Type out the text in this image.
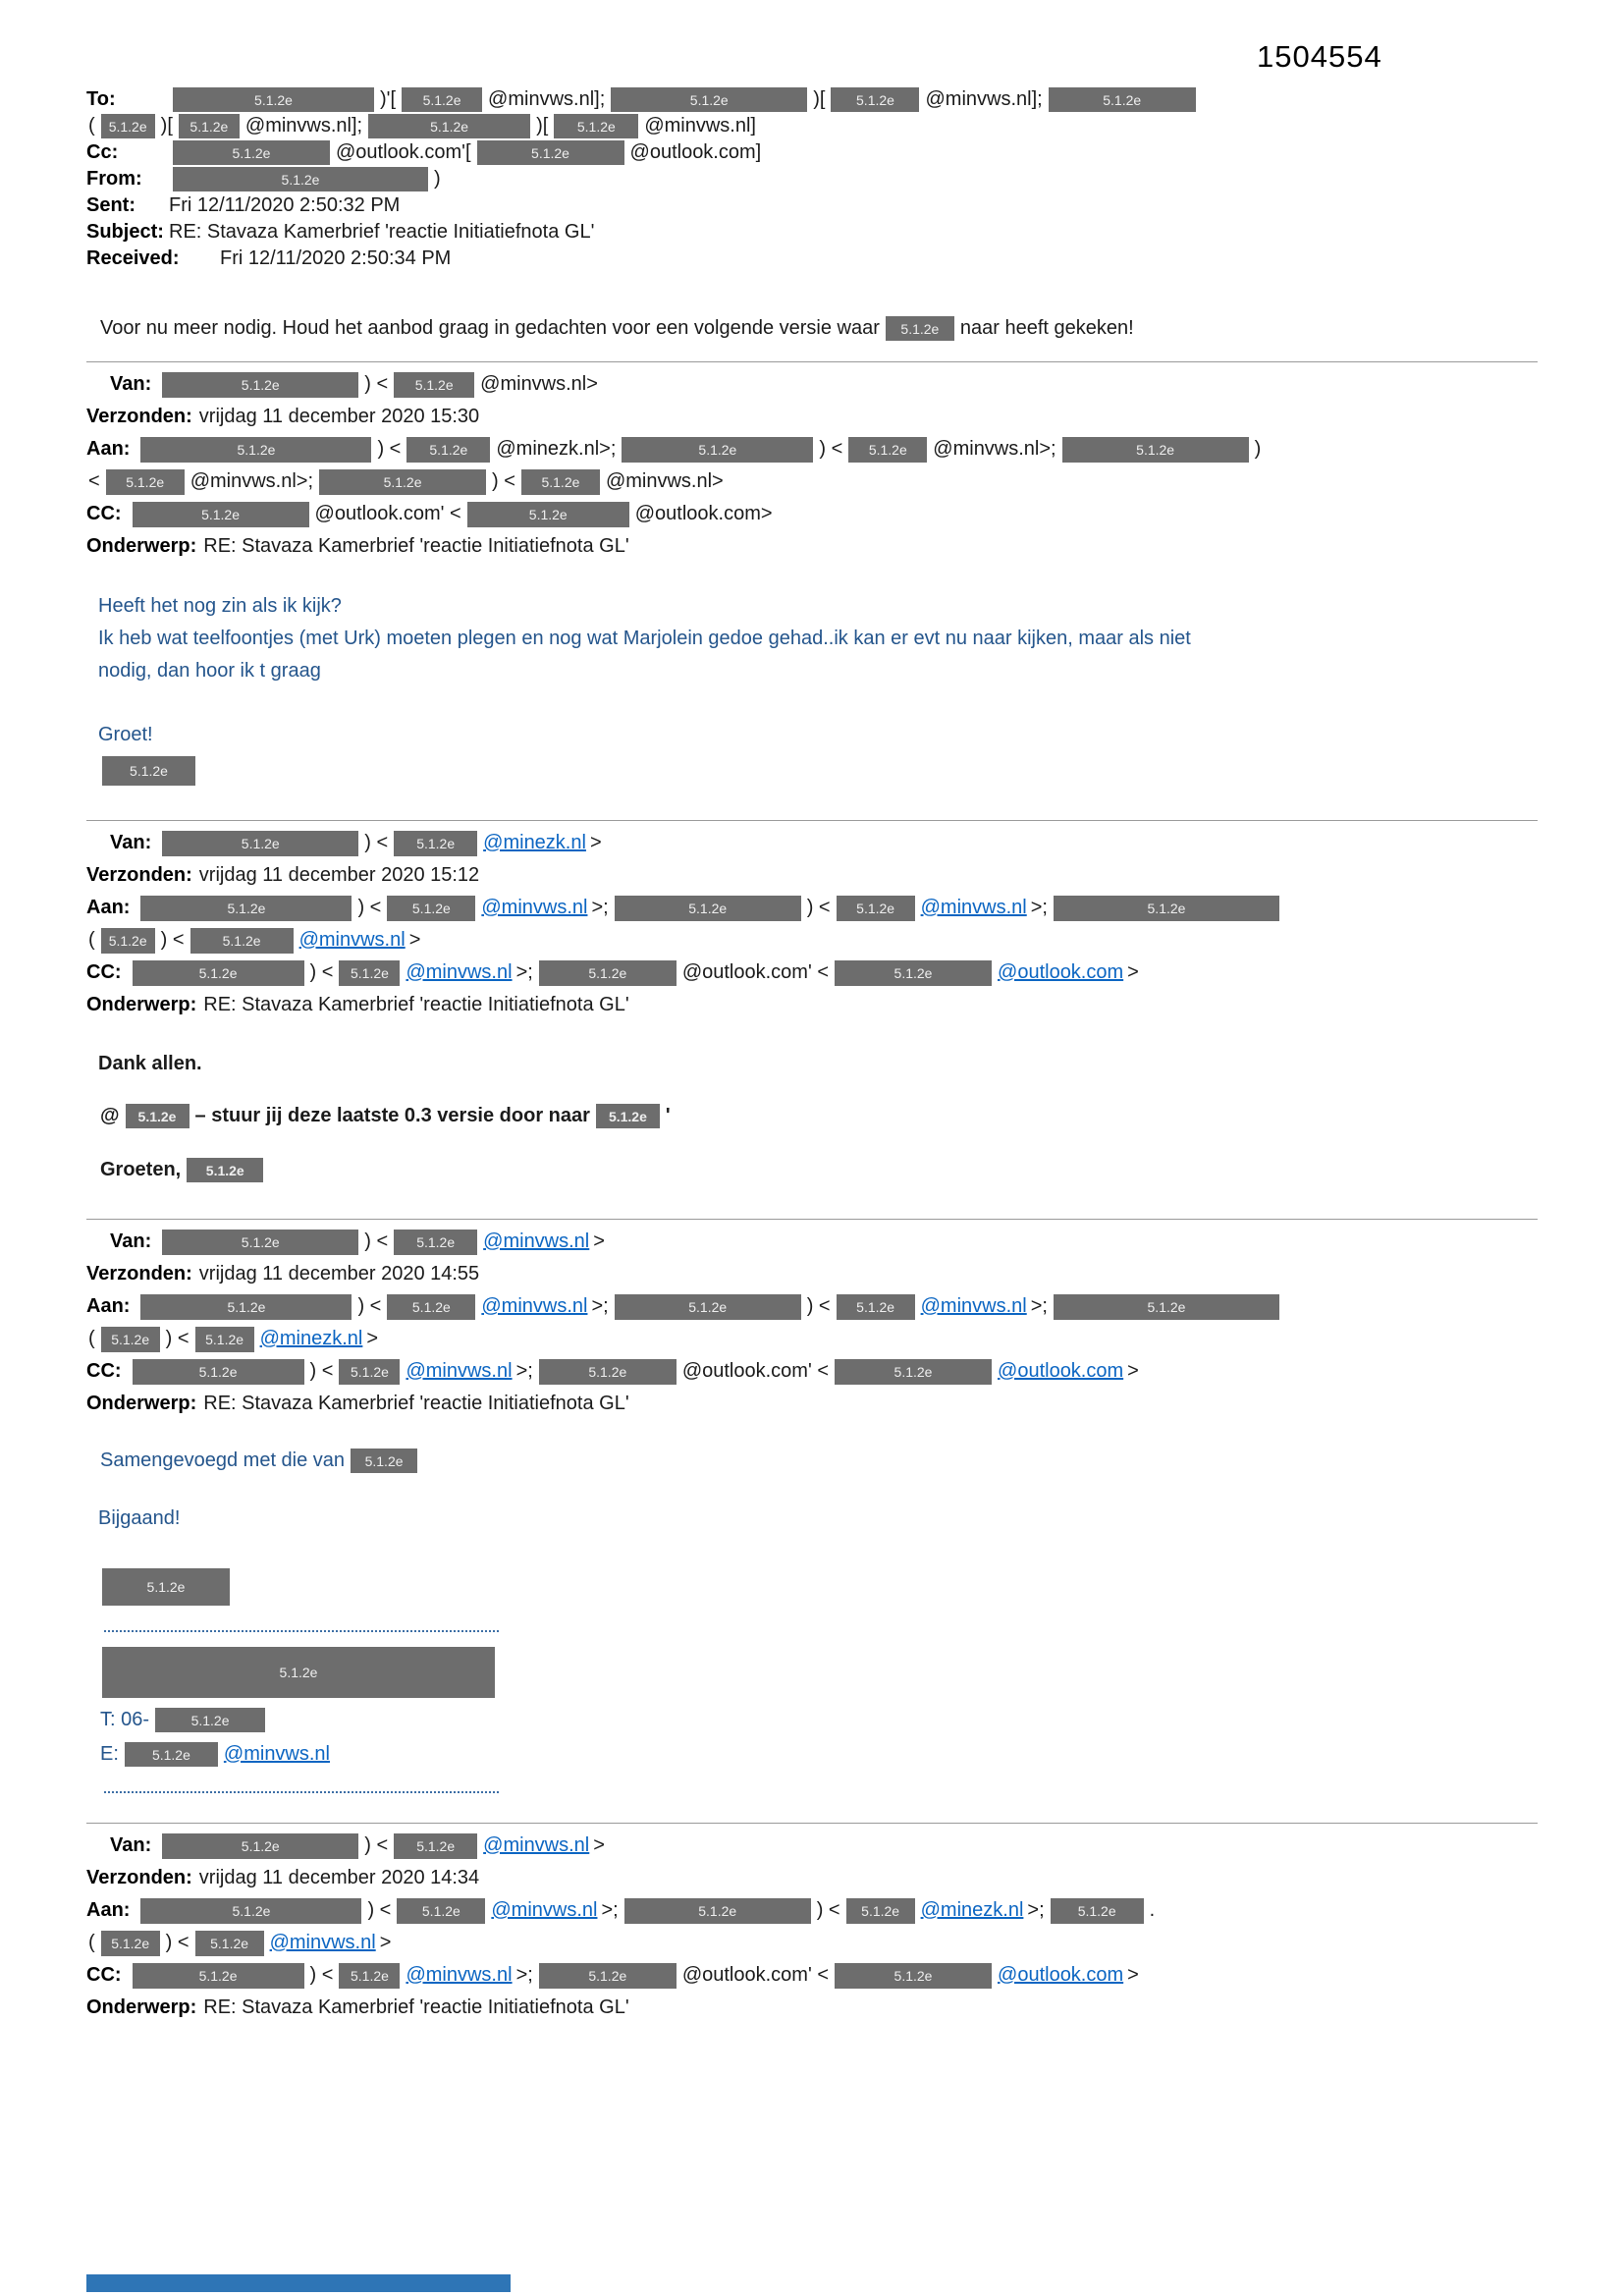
1504554
To:	5.1.2e	)'[	5.1.2e	@minvws.nl];	5.1.2e	)[	5.1.2e	@minvws.nl];	5.1.2e
(	5.1.2e )[	5.1.2e @minvws.nl];	5.1.2e	)[	5.1.2e	@minvws.nl]
Cc:	5.1.2e	@outlook.com'[	5.1.2e	@outlook.com]
From:	5.1.2e	)
Sent:	Fri 12/11/2020 2:50:32 PM
Subject: RE: Stavaza Kamerbrief 'reactie Initiatiefnota GL'
Received: Fri 12/11/2020 2:50:34 PM
Voor nu meer nodig. Houd het aanbod graag in gedachten voor een volgende versie waar	5.1.2e	naar heeft gekeken!
Van:	5.1.2e	) <	5.1.2e	@minvws.nl>
Verzonden: vrijdag 11 december 2020 15:30
Aan:	5.1.2e	) <	5.1.2e	@minezk.nl>;	5.1.2e	) <	5.1.2e	@minvws.nl>;	5.1.2e	)
<	5.1.2e	@minvws.nl>;	5.1.2e	) <	5.1.2e	@minvws.nl>
CC:	5.1.2e	@outlook.com' <	5.1.2e	@outlook.com>
Onderwerp: RE: Stavaza Kamerbrief 'reactie Initiatiefnota GL'
Heeft het nog zin als ik kijk?
Ik heb wat teelfoontjes (met Urk) moeten plegen en nog wat Marjolein gedoe gehad..ik kan er evt nu naar kijken, maar als niet
nodig, dan hoor ik t graag
Groet!
5.1.2e
Van:	5.1.2e	) <	5.1.2e	@minezk.nl >
Verzonden: vrijdag 11 december 2020 15:12
Aan:	5.1.2e	) <	5.1.2e	@minvws.nl >;	5.1.2e	) <	5.1.2e	@minvws.nl >;	5.1.2e
(	5.1.2e ) <	5.1.2e	@minvws.nl >
CC:	5.1.2e	) <	5.1.2e @minvws.nl >;	5.1.2e	@outlook.com' <	5.1.2e	@outlook.com >
Onderwerp: RE: Stavaza Kamerbrief 'reactie Initiatiefnota GL'
Dank allen.
@	5.1.2e – stuur jij deze laatste 0.3 versie door naar	5.1.2e '
Groeten,	5.1.2e
Van:	5.1.2e	) <	5.1.2e	@minvws.nl >
Verzonden: vrijdag 11 december 2020 14:55
Aan:	5.1.2e	) <	5.1.2e	@minvws.nl >;	5.1.2e	) <	5.1.2e	@minvws.nl >;	5.1.2e
(	5.1.2e ) <	5.1.2e @minezk.nl >
CC:	5.1.2e	) <	5.1.2e @minvws.nl >;	5.1.2e	@outlook.com' <	5.1.2e	@outlook.com >
Onderwerp: RE: Stavaza Kamerbrief 'reactie Initiatiefnota GL'
Samengevoegd met die van	5.1.2e
Bijgaand!
5.1.2e
5.1.2e
T: 06-	5.1.2e
E:	5.1.2e	@minvws.nl
Van:	5.1.2e	) <	5.1.2e	@minvws.nl >
Verzonden: vrijdag 11 december 2020 14:34
Aan:	5.1.2e	) <	5.1.2e	@minvws.nl >;	5.1.2e	) <	5.1.2e	@minezk.nl >;	5.1.2e	.
(	5.1.2e ) <	5.1.2e	@minvws.nl >
CC:	5.1.2e	) <	5.1.2e @minvws.nl >;	5.1.2e	@outlook.com' <	5.1.2e	@outlook.com >
Onderwerp: RE: Stavaza Kamerbrief 'reactie Initiatiefnota GL'
